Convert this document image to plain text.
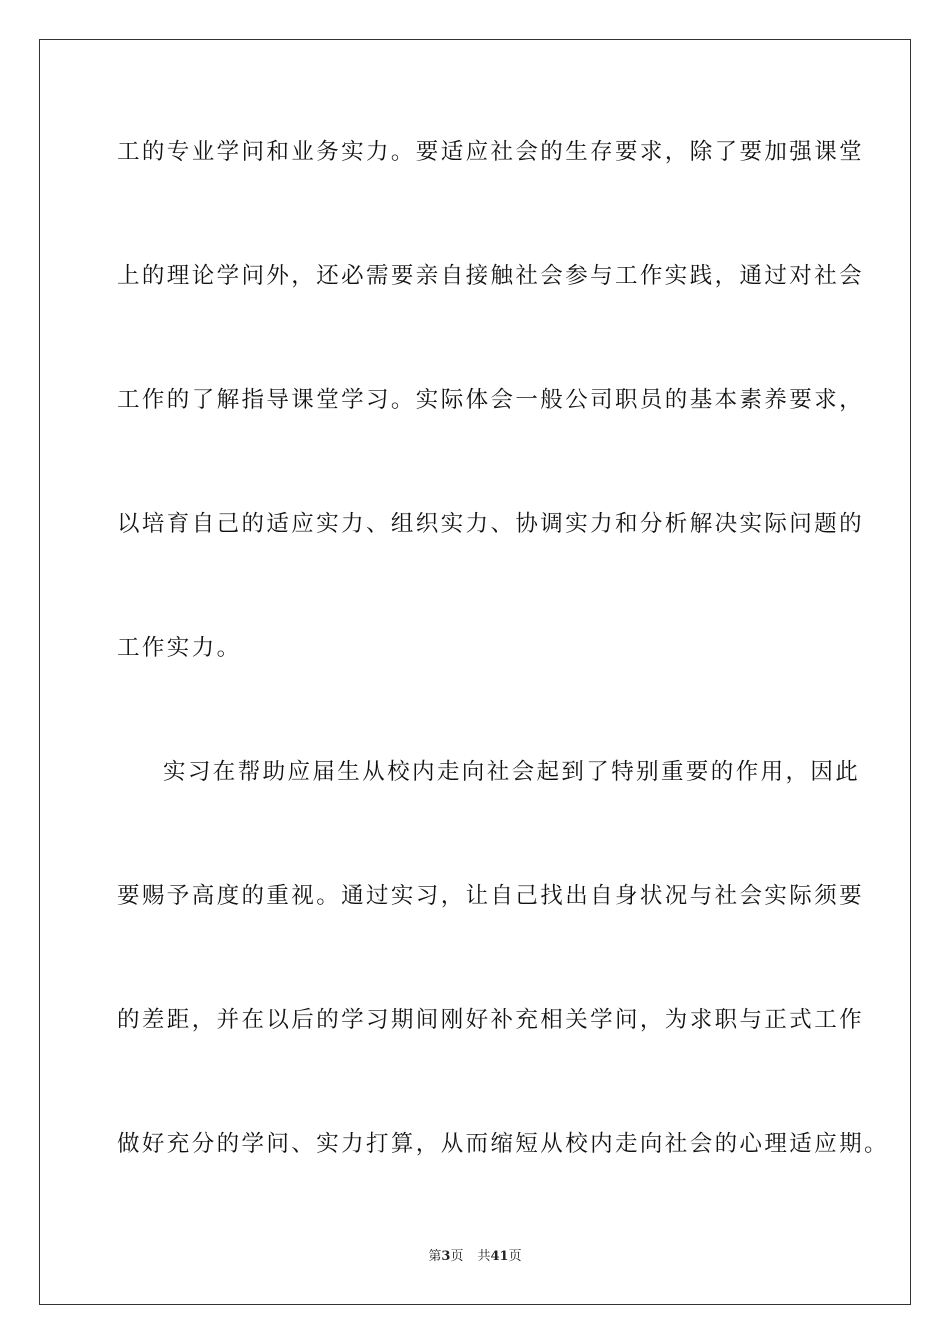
工的专业学问和业务实力。要适应社会的生存要求，除了要加强课堂
上的理论学问外，还必需要亲自接触社会参与工作实践，通过对社会
工作的了解指导课堂学习。实际体会一般公司职员的基本素养要求，
以培育自己的适应实力、组织实力、协调实力和分析解决实际问题的
工作实力。
实习在帮助应届生从校内走向社会起到了特别重要的作用，因此
要赐予高度的重视。通过实习，让自己找出自身状况与社会实际须要
的差距，并在以后的学习期间刚好补充相关学问，为求职与正式工作
做好充分的学问、实力打算，从而缩短从校内走向社会的心理适应期。
第3页 共41页
